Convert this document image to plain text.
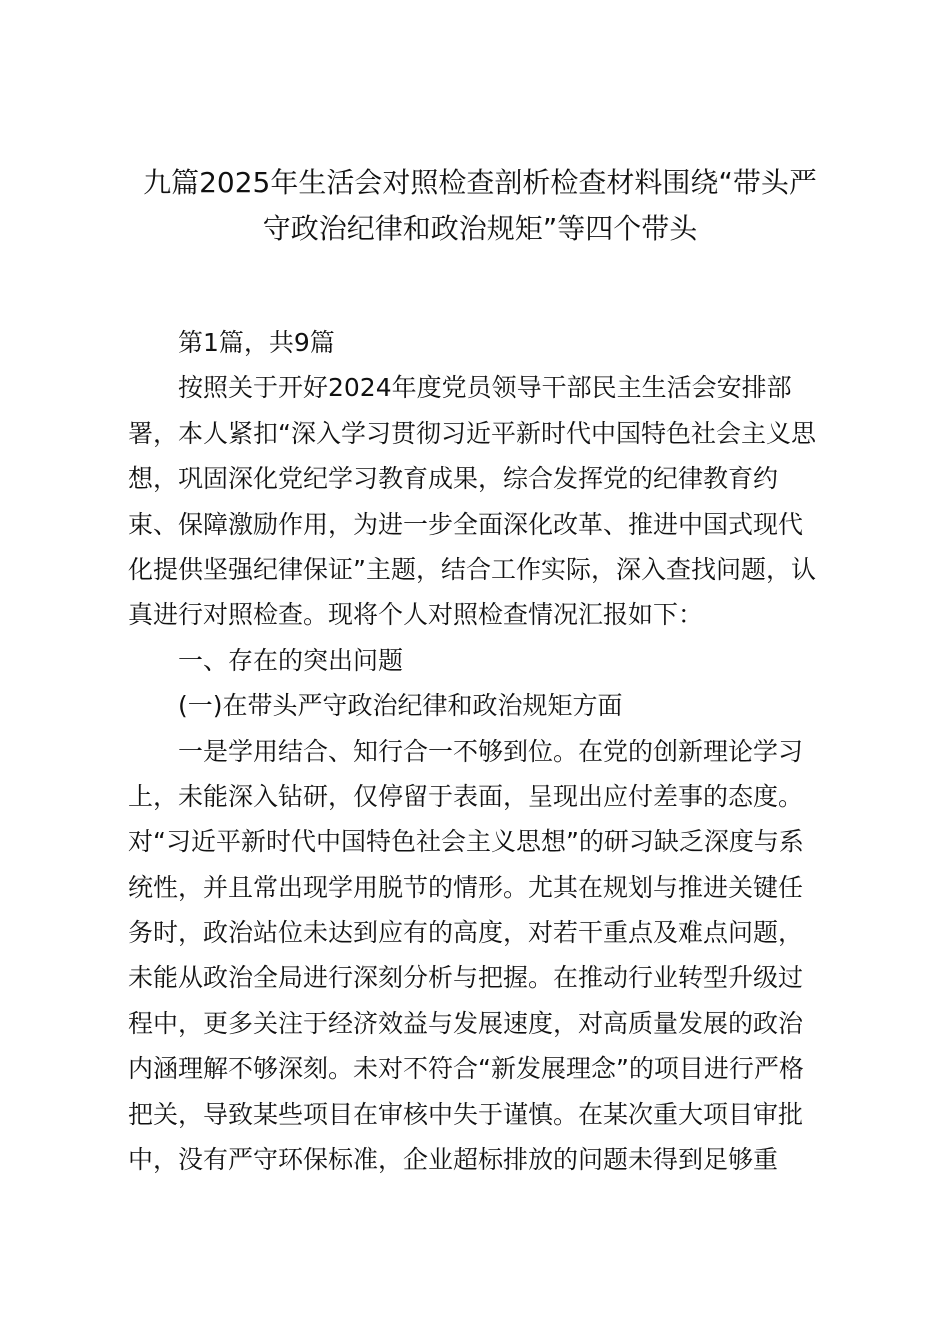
九篇2025年生活会对照检查剖析检查材料围绕“带头严
守政治纪律和政治规矩”等四个带头

第1篇，共9篇

按照关于开好2024年度党员领导干部民主生活会安排部

署，本人紧扣“深入学习贯彻习近平新时代中国特色社会主义思

想，巩固深化党纪学习教育成果，综合发挥党的纪律教育约

束、保障激励作用，为进一步全面深化改革、推进中国式现代

化提供坚强纪律保证”主题，结合工作实际，深入查找问题，认

真进行对照检查。现将个人对照检查情况汇报如下：

一、存在的突出问题

(一)在带头严守政治纪律和政治规矩方面

一是学用结合、知行合一不够到位。在党的创新理论学习

上，未能深入钻研，仅停留于表面，呈现出应付差事的态度。

对“习近平新时代中国特色社会主义思想”的研习缺乏深度与系

统性，并且常出现学用脱节的情形。尤其在规划与推进关键任

务时，政治站位未达到应有的高度，对若干重点及难点问题，

未能从政治全局进行深刻分析与把握。在推动行业转型升级过

程中，更多关注于经济效益与发展速度，对高质量发展的政治

内涵理解不够深刻。未对不符合“新发展理念”的项目进行严格

把关，导致某些项目在审核中失于谨慎。在某次重大项目审批

中，没有严守环保标准，企业超标排放的问题未得到足够重
